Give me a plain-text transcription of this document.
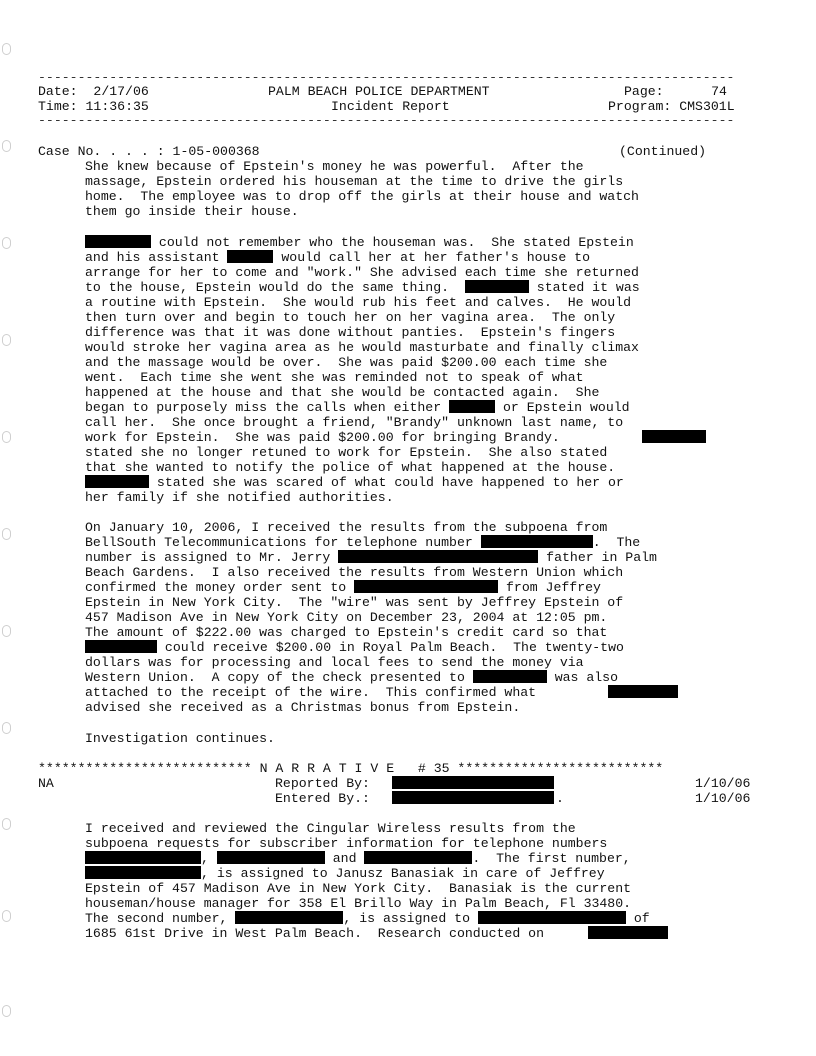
----------------------------------------------------------------------------------------
Date: 2/17/06
Time: 11:36:35
PALM BEACH POLICE DEPARTMENT
Incident Report
Page:	74
Program: CMS301L
----------------------------------------------------------------------------------------
Case No. . . . : 1-05-000368	(Continued)
She knew because of Epstein's money he was powerful.  After the
massage, Epstein ordered his houseman at the time to drive the girls
home.  The employee was to drop off the girls at their house and watch
them go inside their house.
could not remember who the houseman was.  She stated Epstein
and his assistant	would call her at her father's house to
arrange for her to come and "work." She advised each time she returned
to the house, Epstein would do the same thing.	stated it was
a routine with Epstein.  She would rub his feet and calves.  He would
then turn over and begin to touch her on her vagina area.  The only
difference was that it was done without panties.  Epstein's fingers
would stroke her vagina area as he would masturbate and finally climax
and the massage would be over.  She was paid $200.00 each time she
went.  Each time she went she was reminded not to speak of what
happened at the house and that she would be contacted again.  She
began to purposely miss the calls when either	or Epstein would
call her.  She once brought a friend, "Brandy" unknown last name, to
work for Epstein.  She was paid $200.00 for bringing Brandy.
stated she no longer retuned to work for Epstein.  She also stated
that she wanted to notify the police of what happened at the house.
stated she was scared of what could have happened to her or
her family if she notified authorities.
On January 10, 2006, I received the results from the subpoena from
BellSouth Telecommunications for telephone number	.  The
number is assigned to Mr. Jerry	father in Palm
Beach Gardens.  I also received the results from Western Union which
confirmed the money order sent to	from Jeffrey
Epstein in New York City.  The "wire" was sent by Jeffrey Epstein of
457 Madison Ave in New York City on December 23, 2004 at 12:05 pm.
The amount of $222.00 was charged to Epstein's credit card so that
could receive $200.00 in Royal Palm Beach.  The twenty-two
dollars was for processing and local fees to send the money via
Western Union.  A copy of the check presented to	was also
attached to the receipt of the wire.  This confirmed what
advised she received as a Christmas bonus from Epstein.
Investigation continues.
*************************** N A R R A T I V E   # 35 **************************
NA	Reported By:	1/10/06
Entered By.:	.	1/10/06
I received and reviewed the Cingular Wireless results from the
subpoena requests for subscriber information for telephone numbers
,	and	.  The first number,
, is assigned to Janusz Banasiak in care of Jeffrey
Epstein of 457 Madison Ave in New York City.  Banasiak is the current
houseman/house manager for 358 El Brillo Way in Palm Beach, Fl 33480.
The second number,	, is assigned to	of
1685 61st Drive in West Palm Beach.  Research conducted on
